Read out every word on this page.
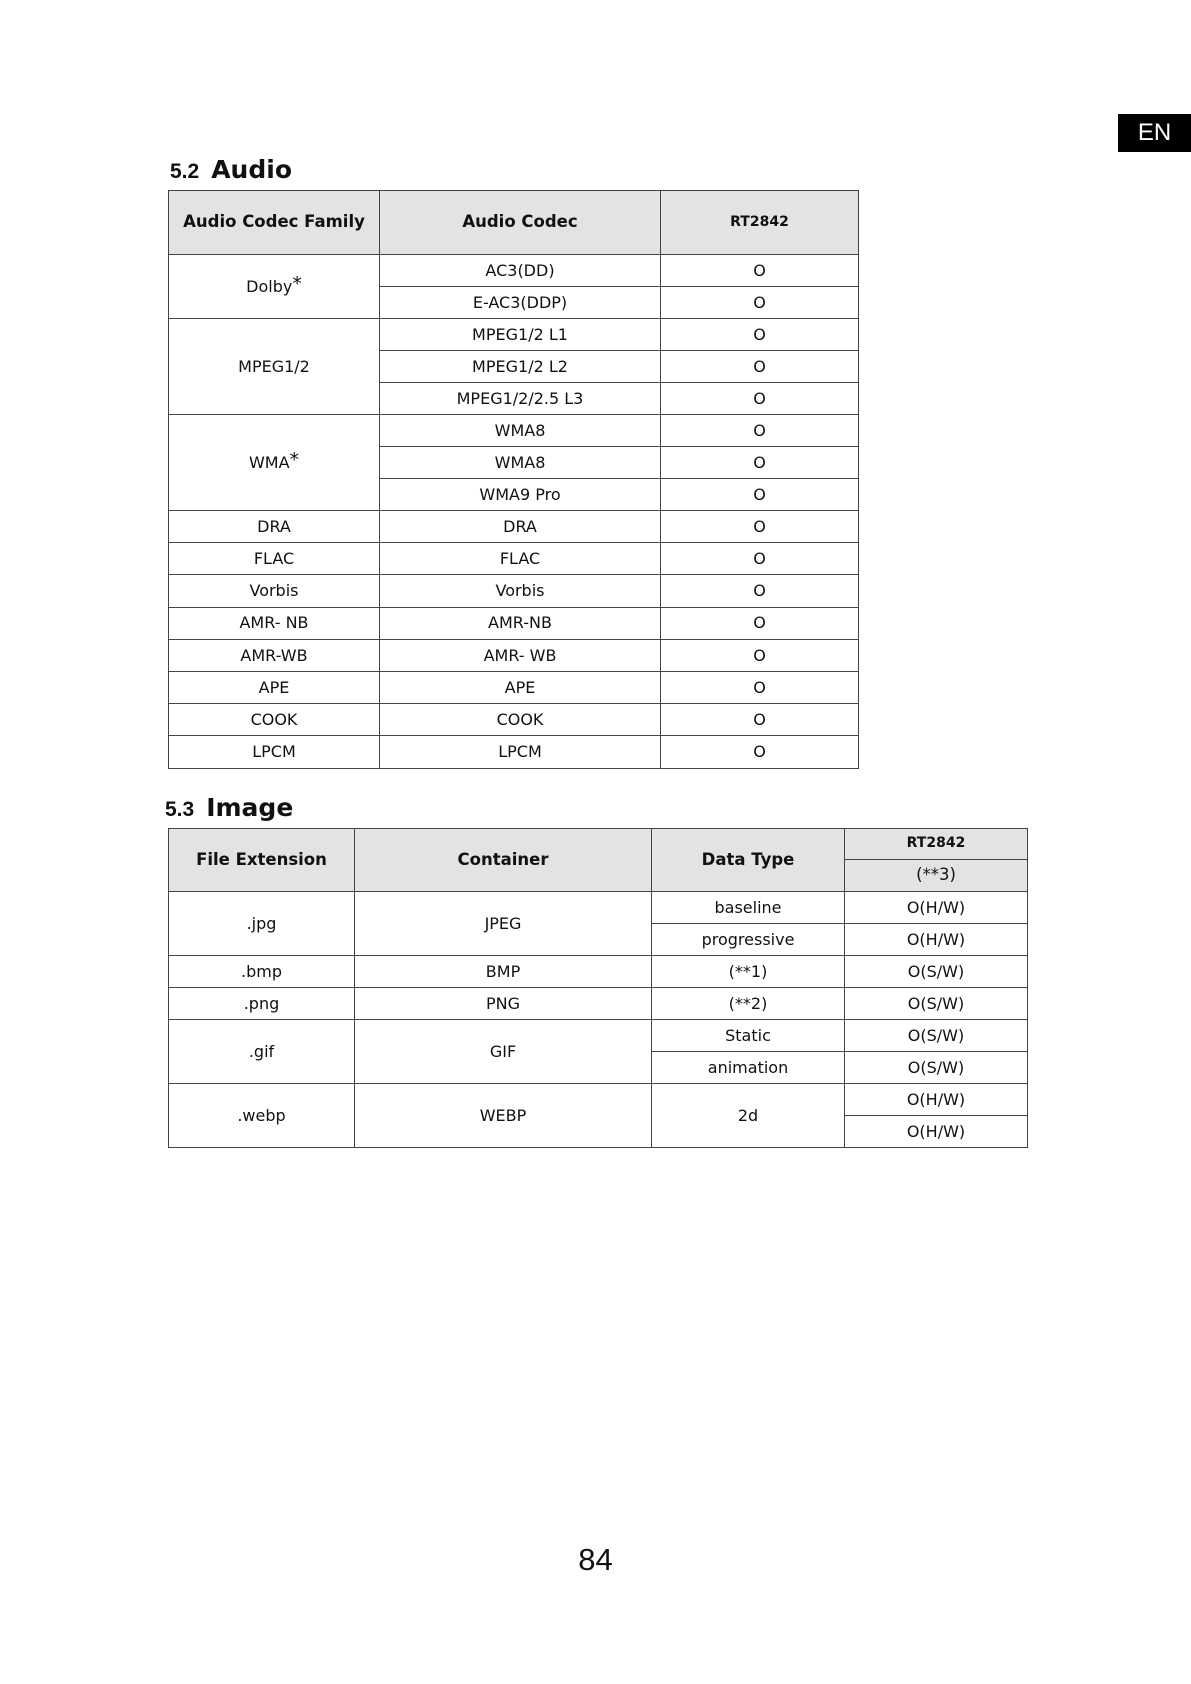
EN
5.2 Audio
Audio Codec Family	Audio Codec	RT2842
Dolby*	AC3(DD)	O
	E-AC3(DDP)	O
MPEG1/2	MPEG1/2 L1	O
	MPEG1/2 L2	O
	MPEG1/2/2.5 L3	O
WMA*	WMA8	O
	WMA8	O
	WMA9 Pro	O
DRA	DRA	O
FLAC	FLAC	O
Vorbis	Vorbis	O
AMR- NB	AMR-NB	O
AMR-WB	AMR- WB	O
APE	APE	O
COOK	COOK	O
LPCM	LPCM	O
5.3 Image
File Extension	Container	Data Type	RT2842
			(**3)
.jpg	JPEG	baseline	O(H/W)
		progressive	O(H/W)
.bmp	BMP	(**1)	O(S/W)
.png	PNG	(**2)	O(S/W)
.gif	GIF	Static	O(S/W)
		animation	O(S/W)
.webp	WEBP	2d	O(H/W)
			O(H/W)
84
